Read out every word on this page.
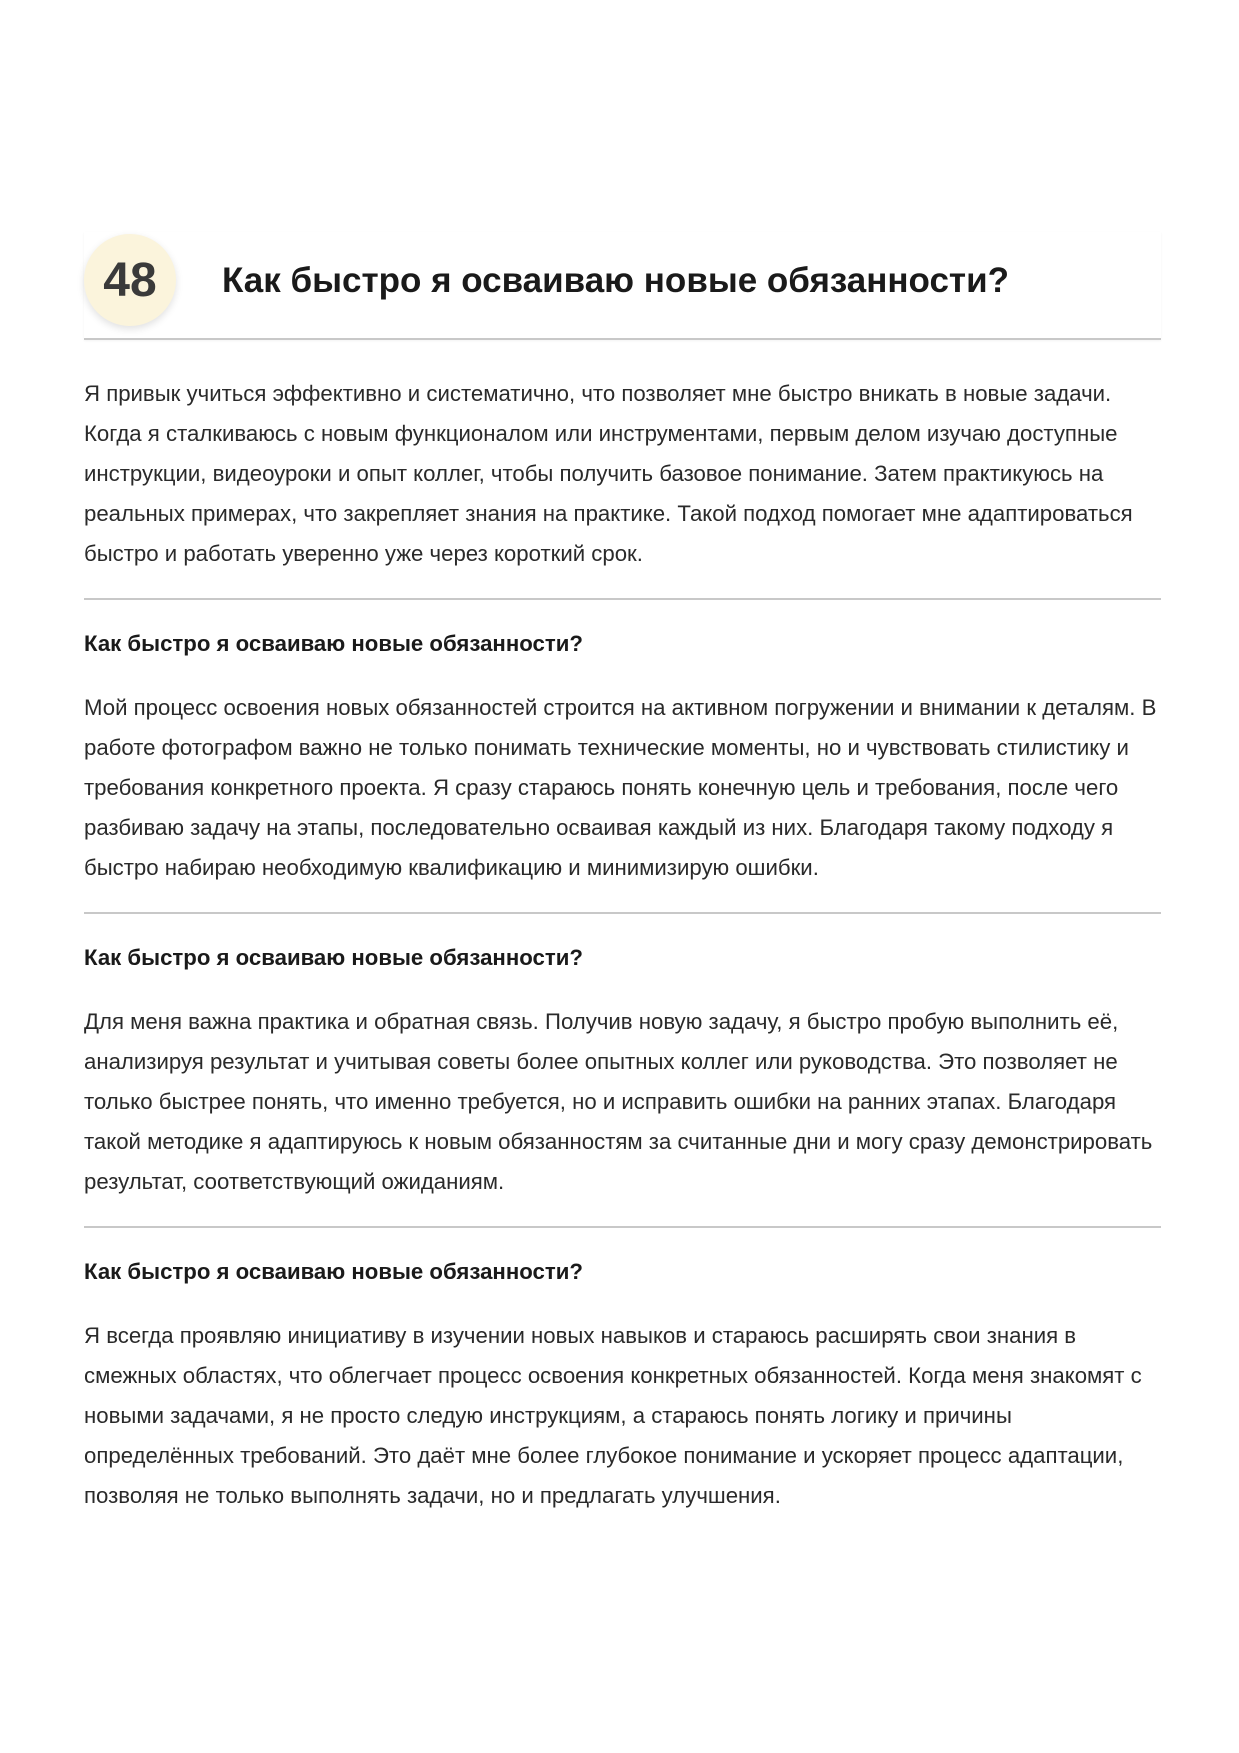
48	Как быстро я осваиваю новые обязанности?

Я привык учиться эффективно и систематично, что позволяет мне быстро вникать в новые задачи. Когда я сталкиваюсь с новым функционалом или инструментами, первым делом изучаю доступные инструкции, видеоуроки и опыт коллег, чтобы получить базовое понимание. Затем практикуюсь на реальных примерах, что закрепляет знания на практике. Такой подход помогает мне адаптироваться быстро и работать уверенно уже через короткий срок.

Как быстро я осваиваю новые обязанности?

Мой процесс освоения новых обязанностей строится на активном погружении и внимании к деталям. В работе фотографом важно не только понимать технические моменты, но и чувствовать стилистику и требования конкретного проекта. Я сразу стараюсь понять конечную цель и требования, после чего разбиваю задачу на этапы, последовательно осваивая каждый из них. Благодаря такому подходу я быстро набираю необходимую квалификацию и минимизирую ошибки.

Как быстро я осваиваю новые обязанности?

Для меня важна практика и обратная связь. Получив новую задачу, я быстро пробую выполнить её, анализируя результат и учитывая советы более опытных коллег или руководства. Это позволяет не только быстрее понять, что именно требуется, но и исправить ошибки на ранних этапах. Благодаря такой методике я адаптируюсь к новым обязанностям за считанные дни и могу сразу демонстрировать результат, соответствующий ожиданиям.

Как быстро я осваиваю новые обязанности?

Я всегда проявляю инициативу в изучении новых навыков и стараюсь расширять свои знания в смежных областях, что облегчает процесс освоения конкретных обязанностей. Когда меня знакомят с новыми задачами, я не просто следую инструкциям, а стараюсь понять логику и причины определённых требований. Это даёт мне более глубокое понимание и ускоряет процесс адаптации, позволяя не только выполнять задачи, но и предлагать улучшения.
